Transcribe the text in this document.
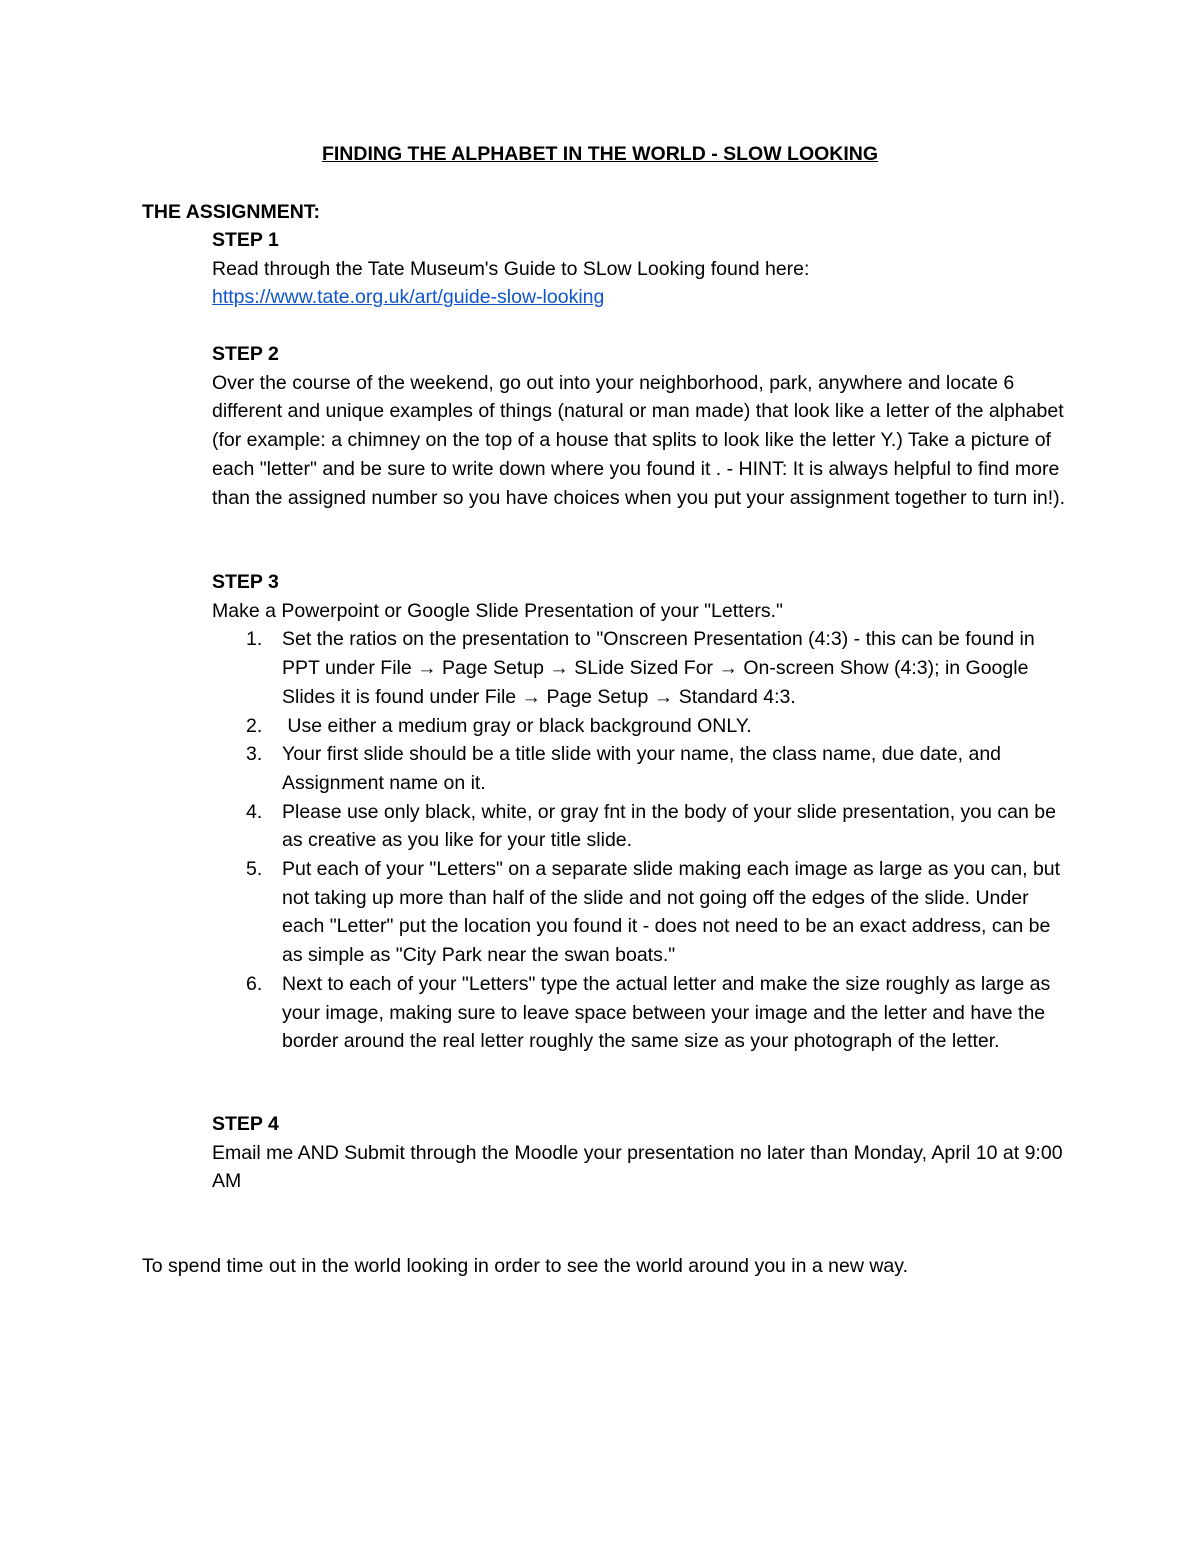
FINDING THE ALPHABET IN THE WORLD - SLOW LOOKING
THE ASSIGNMENT:
STEP 1
Read through the Tate Museum's Guide to SLow Looking found here:
https://www.tate.org.uk/art/guide-slow-looking
STEP 2
Over the course of the weekend, go out into your neighborhood, park, anywhere and locate 6 different and unique examples of things (natural or man made) that look like a letter of the alphabet (for example: a chimney on the top of a house that splits to look like the letter Y.) Take a picture of each "letter" and be sure to write down where you found it . - HINT: It is always helpful to find more than the assigned number so you have choices when you put your assignment together to turn in!).
STEP 3
Make a Powerpoint or Google Slide Presentation of your "Letters."
1. Set the ratios on the presentation to "Onscreen Presentation (4:3) - this can be found in PPT under File → Page Setup → SLide Sized For → On-screen Show (4:3); in Google Slides it is found under File → Page Setup → Standard 4:3.
2. Use either a medium gray or black background ONLY.
3. Your first slide should be a title slide with your name, the class name, due date, and Assignment name on it.
4. Please use only black, white, or gray fnt in the body of your slide presentation, you can be as creative as you like for your title slide.
5. Put each of your "Letters" on a separate slide making each image as large as you can, but not taking up more than half of the slide and not going off the edges of the slide. Under each "Letter" put the location you found it - does not need to be an exact address, can be as simple as "City Park near the swan boats."
6. Next to each of your "Letters" type the actual letter and make the size roughly as large as your image, making sure to leave space between your image and the letter and have the border around the real letter roughly the same size as your photograph of the letter.
STEP 4
Email me AND Submit through the Moodle your presentation no later than Monday, April 10 at 9:00 AM
To spend time out in the world looking in order to see the world around you in a new way.
